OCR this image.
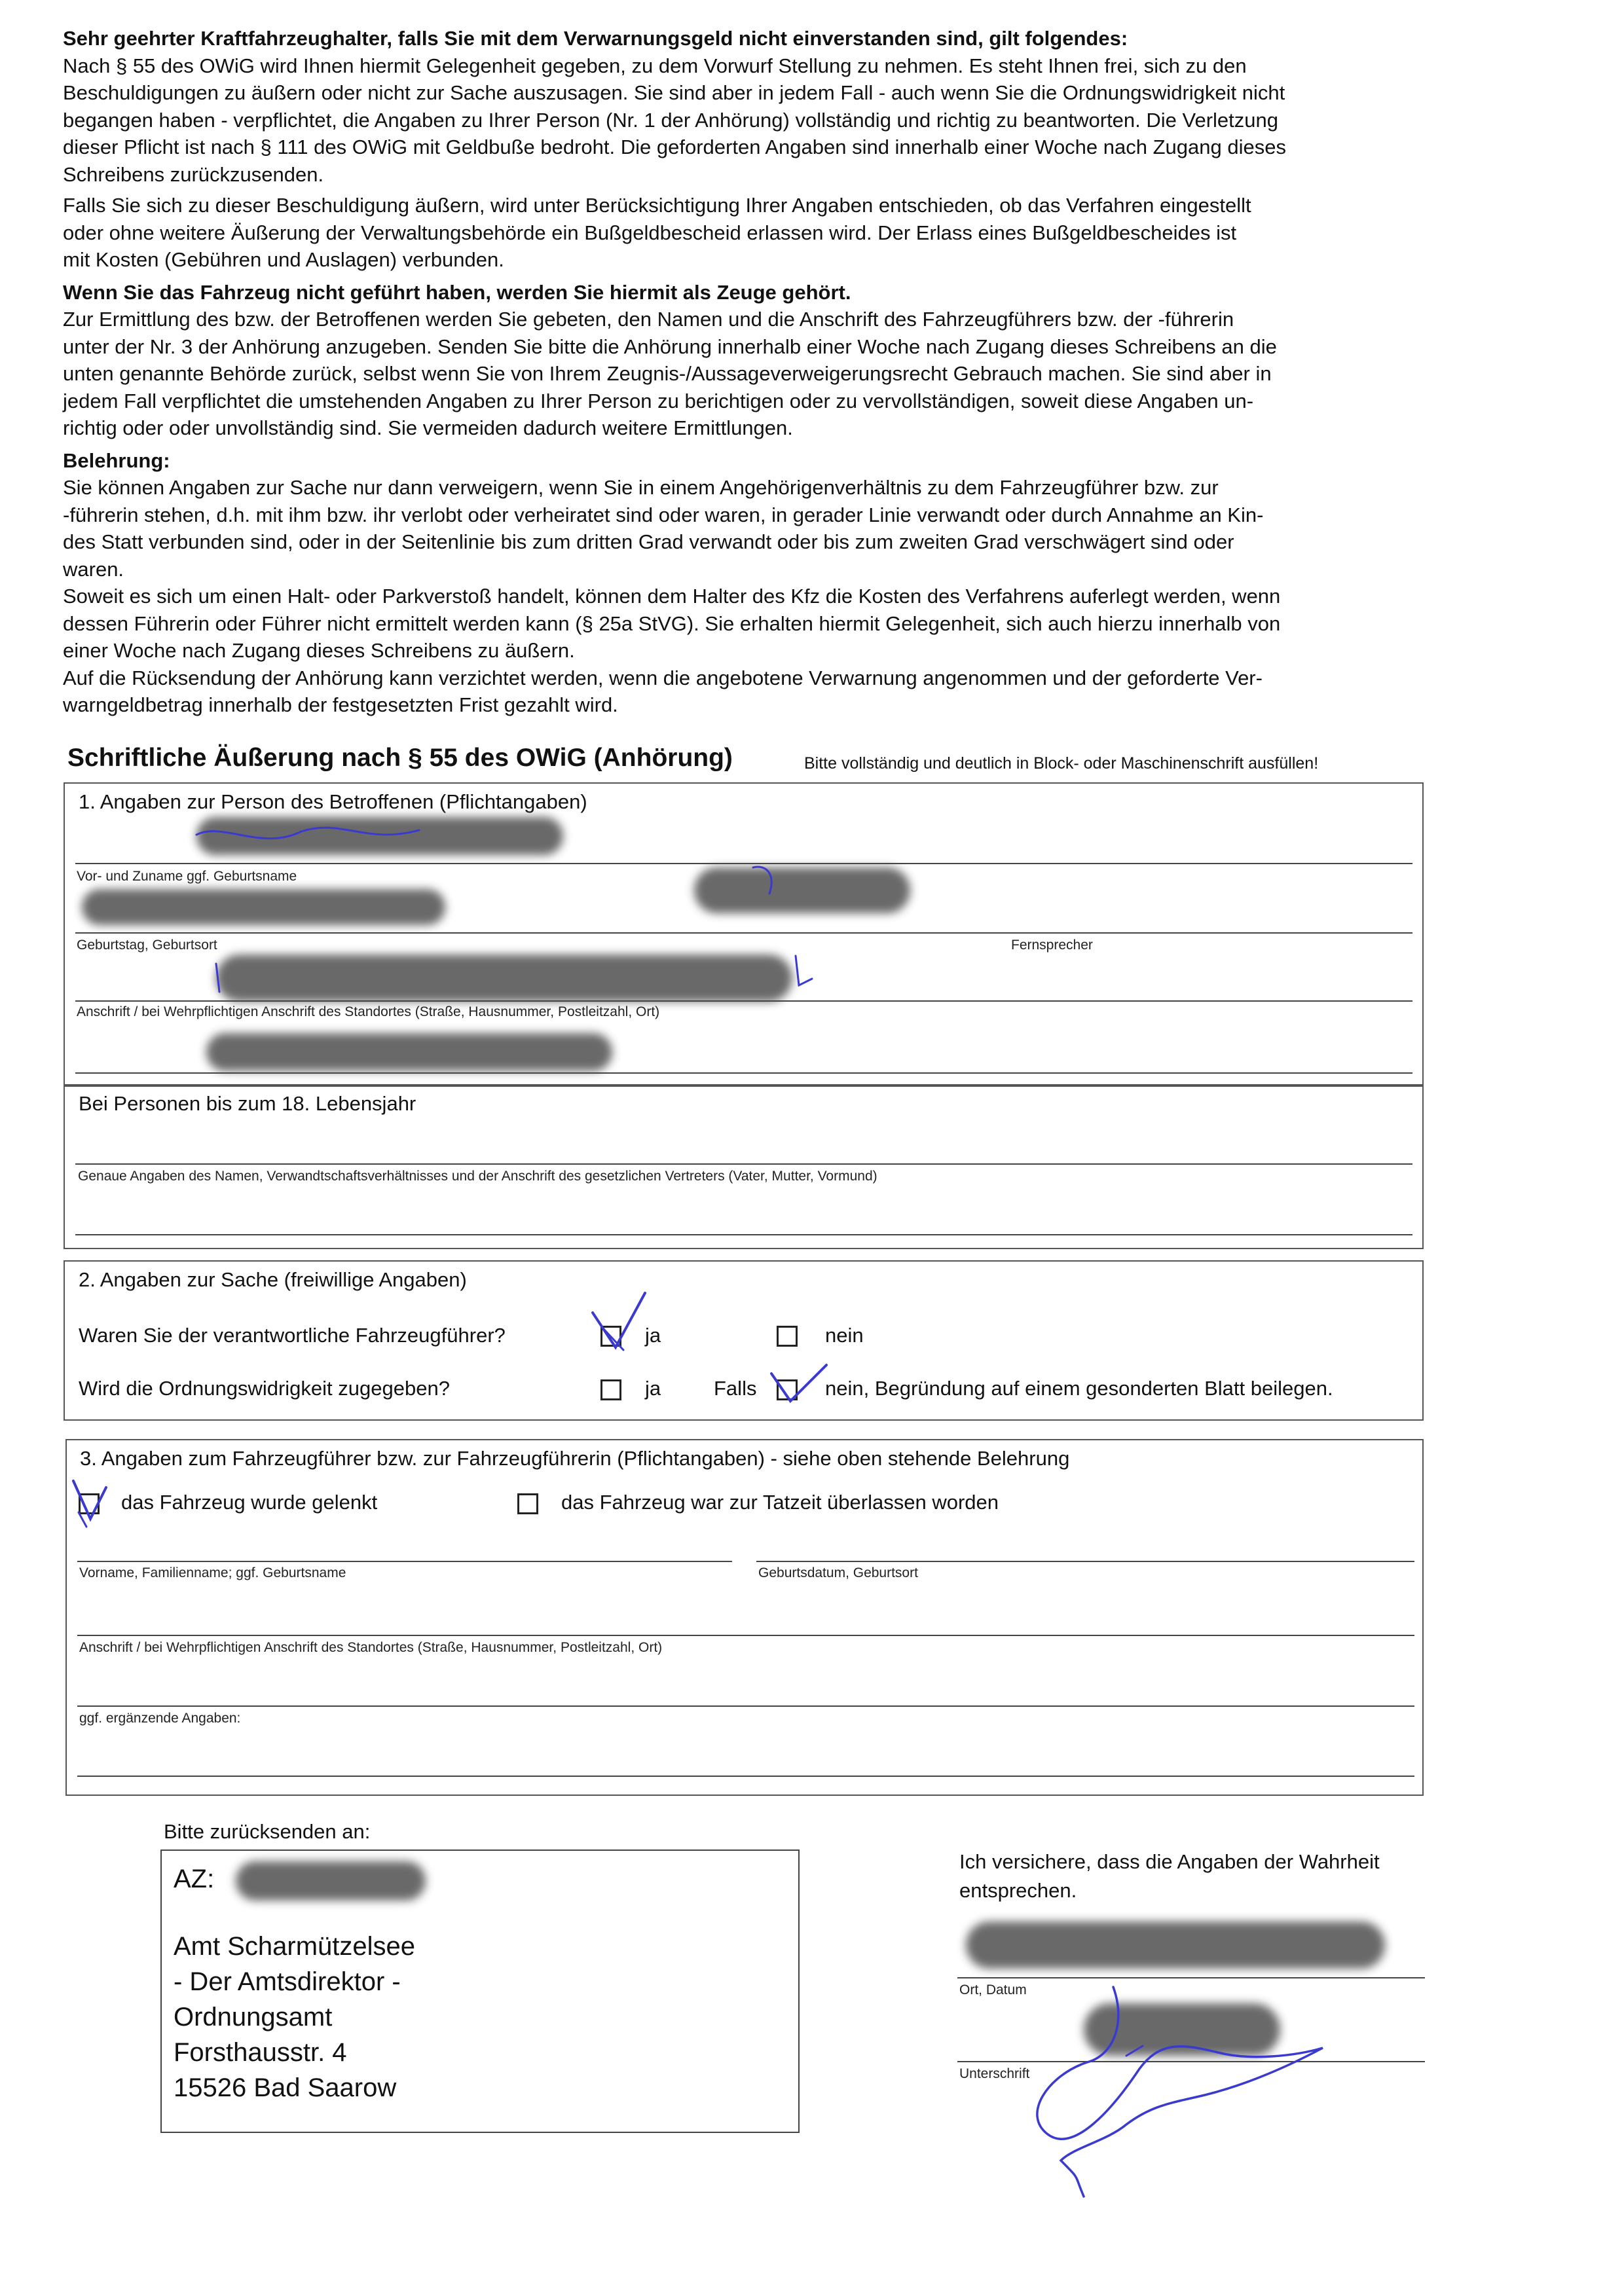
Sehr geehrter Kraftfahrzeughalter, falls Sie mit dem Verwarnungsgeld nicht einverstanden sind, gilt folgendes:

Nach § 55 des OWiG wird Ihnen hiermit Gelegenheit gegeben, zu dem Vorwurf Stellung zu nehmen. Es steht Ihnen frei, sich zu den

Beschuldigungen zu äußern oder nicht zur Sache auszusagen. Sie sind aber in jedem Fall - auch wenn Sie die Ordnungswidrigkeit nicht

begangen haben - verpflichtet, die Angaben zu Ihrer Person (Nr. 1 der Anhörung) vollständig und richtig zu beantworten. Die Verletzung

dieser Pflicht ist nach § 111 des OWiG mit Geldbuße bedroht. Die geforderten Angaben sind innerhalb einer Woche nach Zugang dieses

Schreibens zurückzusenden.

Falls Sie sich zu dieser Beschuldigung äußern, wird unter Berücksichtigung Ihrer Angaben entschieden, ob das Verfahren eingestellt

oder ohne weitere Äußerung der Verwaltungsbehörde ein Bußgeldbescheid erlassen wird. Der Erlass eines Bußgeldbescheides ist

mit Kosten (Gebühren und Auslagen) verbunden.

Wenn Sie das Fahrzeug nicht geführt haben, werden Sie hiermit als Zeuge gehört.

Zur Ermittlung des bzw. der Betroffenen werden Sie gebeten, den Namen und die Anschrift des Fahrzeugführers bzw. der -führerin

unter der Nr. 3 der Anhörung anzugeben. Senden Sie bitte die Anhörung innerhalb einer Woche nach Zugang dieses Schreibens an die

unten genannte Behörde zurück, selbst wenn Sie von Ihrem Zeugnis-/Aussageverweigerungsrecht Gebrauch machen. Sie sind aber in

jedem Fall verpflichtet die umstehenden Angaben zu Ihrer Person zu berichtigen oder zu vervollständigen, soweit diese Angaben un-

richtig oder oder unvollständig sind. Sie vermeiden dadurch weitere Ermittlungen.

Belehrung:

Sie können Angaben zur Sache nur dann verweigern, wenn Sie in einem Angehörigenverhältnis zu dem Fahrzeugführer bzw. zur

-führerin stehen, d.h. mit ihm bzw. ihr verlobt oder verheiratet sind oder waren, in gerader Linie verwandt oder durch Annahme an Kin-

des Statt verbunden sind, oder in der Seitenlinie bis zum dritten Grad verwandt oder bis zum zweiten Grad verschwägert sind oder

waren.

Soweit es sich um einen Halt- oder Parkverstoß handelt, können dem Halter des Kfz die Kosten des Verfahrens auferlegt werden, wenn

dessen Führerin oder Führer nicht ermittelt werden kann (§ 25a StVG). Sie erhalten hiermit Gelegenheit, sich auch hierzu innerhalb von

einer Woche nach Zugang dieses Schreibens zu äußern.

Auf die Rücksendung der Anhörung kann verzichtet werden, wenn die angebotene Verwarnung angenommen und der geforderte Ver-

warngeldbetrag innerhalb der festgesetzten Frist gezahlt wird.

Schriftliche Äußerung nach § 55 des OWiG (Anhörung)	Bitte vollständig und deutlich in Block- oder Maschinenschrift ausfüllen!
1. Angaben zur Person des Betroffenen (Pflichtangaben)
Vor- und Zuname ggf. Geburtsname
Geburtstag, Geburtsort	Fernsprecher
Anschrift / bei Wehrpflichtigen Anschrift des Standortes (Straße, Hausnummer, Postleitzahl, Ort)
Bei Personen bis zum 18. Lebensjahr
Genaue Angaben des Namen, Verwandtschaftsverhältnisses und der Anschrift des gesetzlichen Vertreters (Vater, Mutter, Vormund)
2. Angaben zur Sache (freiwillige Angaben)
Waren Sie der verantwortliche Fahrzeugführer?	ja	nein
Wird die Ordnungswidrigkeit zugegeben?	ja	Falls	nein, Begründung auf einem gesonderten Blatt beilegen.
3. Angaben zum Fahrzeugführer bzw. zur Fahrzeugführerin (Pflichtangaben) - siehe oben stehende Belehrung
das Fahrzeug wurde gelenkt	das Fahrzeug war zur Tatzeit überlassen worden
Vorname, Familienname; ggf. Geburtsname	Geburtsdatum, Geburtsort
Anschrift / bei Wehrpflichtigen Anschrift des Standortes (Straße, Hausnummer, Postleitzahl, Ort)
ggf. ergänzende Angaben:
Bitte zurücksenden an:
AZ:
Amt Scharmützelsee
- Der Amtsdirektor -
Ordnungsamt
Forsthausstr. 4
15526 Bad Saarow
Ich versichere, dass die Angaben der Wahrheit
entsprechen.
Ort, Datum
Unterschrift
